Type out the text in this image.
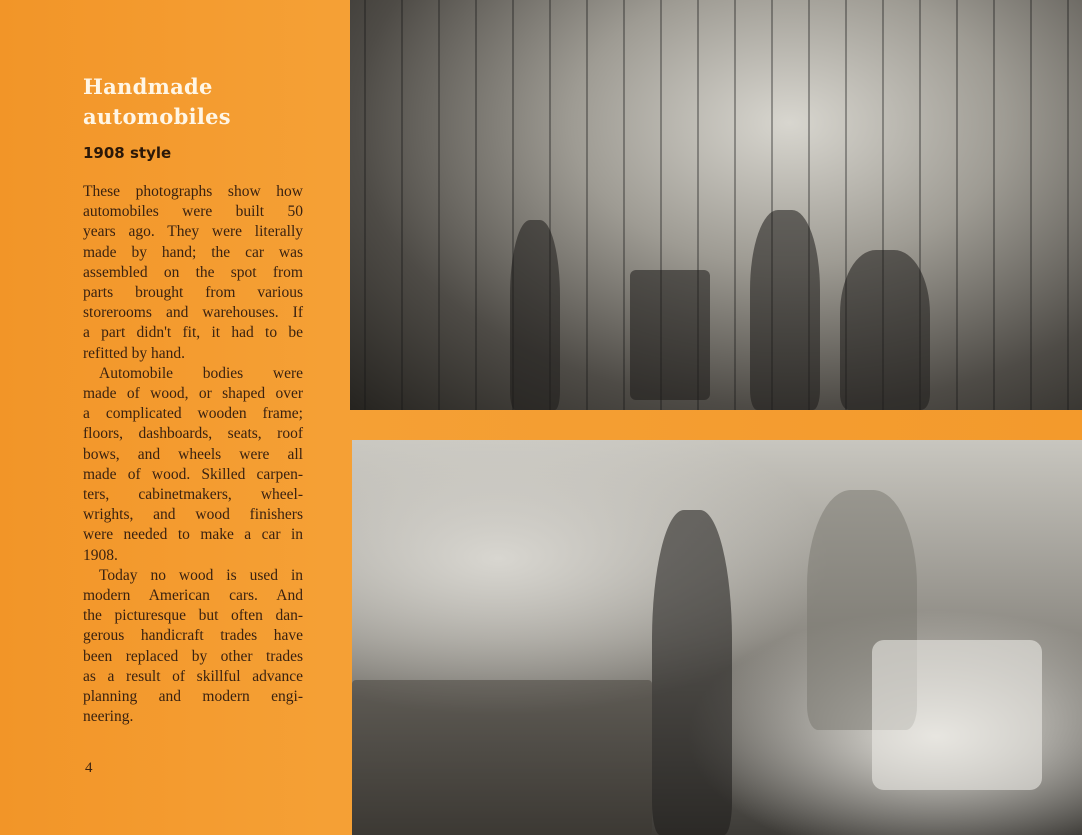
Handmade
automobiles
1908 style
These photographs show how
automobiles were built 50
years ago. They were literally
made by hand; the car was
assembled on the spot from
parts brought from various
storerooms and warehouses. If
a part didn't fit, it had to be
refitted by hand.
Automobile bodies were
made of wood, or shaped over
a complicated wooden frame;
floors, dashboards, seats, roof
bows, and wheels were all
made of wood. Skilled carpen-
ters, cabinetmakers, wheel-
wrights, and wood finishers
were needed to make a car in
1908.
Today no wood is used in
modern American cars. And
the picturesque but often dan-
gerous handicraft trades have
been replaced by other trades
as a result of skillful advance
planning and modern engi-
neering.
4
